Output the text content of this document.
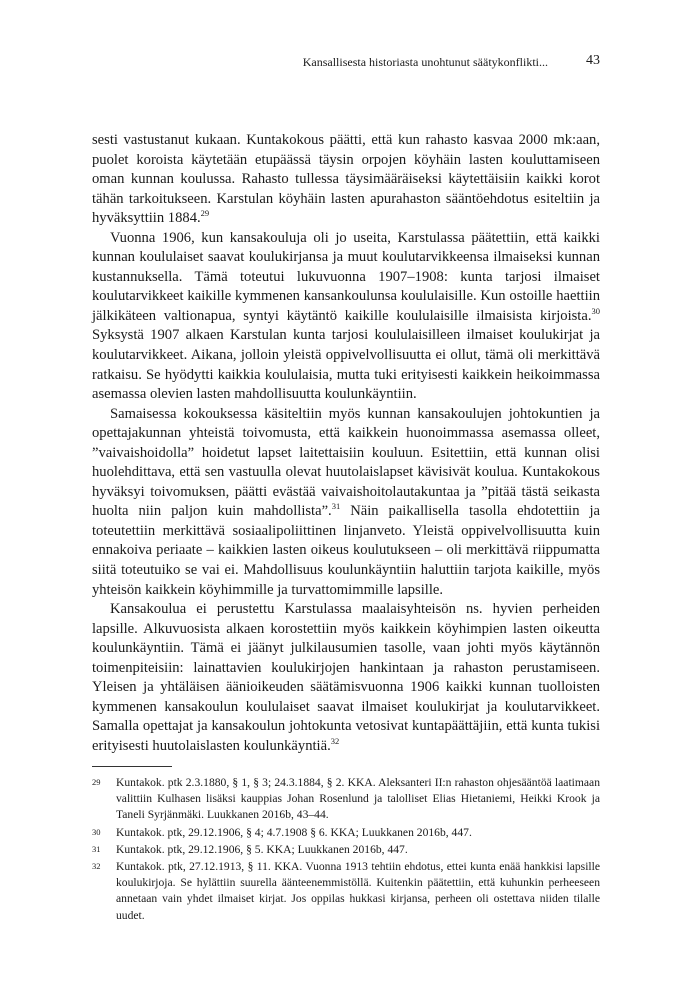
Kansallisesta historiasta unohtunut säätykonflikti...	43

sesti vastustanut kukaan. Kuntakokous päätti, että kun rahasto kasvaa 2000 mk:aan, puolet koroista käytetään etupäässä täysin orpojen köyhäin lasten kouluttamiseen oman kunnan koulussa. Rahasto tullessa täysimääräiseksi käytettäisiin kaikki korot tähän tarkoitukseen. Karstulan köyhäin lasten apurahaston sääntöehdotus esiteltiin ja hyväksyttiin 1884.29

Vuonna 1906, kun kansakouluja oli jo useita, Karstulassa päätettiin, että kaikki kunnan koululaiset saavat koulukirjansa ja muut koulutarvikkeensa ilmaiseksi kunnan kustannuksella. Tämä toteutui lukuvuonna 1907–1908: kunta tarjosi ilmaiset koulutarvikkeet kaikille kymmenen kansankoulunsa koululaisille. Kun ostoille haettiin jälkikäteen valtionapua, syntyi käytäntö kaikille koululaisille ilmaisista kirjoista.$^{30}$ Syksystä 1907 alkaen Karstulan kunta tarjosi koululaisilleen ilmaiset koulukirjat ja koulutarvikkeet. Aikana, jolloin yleistä oppivelvollisuutta ei ollut, tämä oli merkittävä ratkaisu. Se hyödytti kaikkia koululaisia, mutta tuki erityisesti kaikkein heikoimmassa asemassa olevien lasten mahdollisuutta koulunkäyntiin.

Samaisessa kokouksessa käsiteltiin myös kunnan kansakoulujen johtokuntien ja opettajakunnan yhteistä toivomusta, että kaikkein huonoimmassa asemassa olleet, ”vaivaishoidolla” hoidetut lapset laitettaisiin kouluun. Esitettiin, että kunnan olisi huolehdittava, että sen vastuulla olevat huutolaislapset kävisivät koulua. Kuntakokous hyväksyi toivomuksen, päätti evästää vaivaishoitolautakuntaa ja ”pitää tästä seikasta huolta niin paljon kuin mahdollista”.$^{31}$ Näin paikallisella tasolla ehdotettiin ja toteutettiin merkittävä sosiaalipoliittinen linjanveto. Yleistä oppivelvollisuutta kuin ennakoiva periaate – kaikkien lasten oikeus koulutukseen – oli merkittävä riippumatta siitä toteutuiko se vai ei. Mahdollisuus koulunkäyntiin haluttiin tarjota kaikille, myös yhteisön kaikkein köyhimmille ja turvattomimmille lapsille.

Kansakoulua ei perustettu Karstulassa maalaisyhteisön ns. hyvien perheiden lapsille. Alkuvuosista alkaen korostettiin myös kaikkein köyhimpien lasten oikeutta koulunkäyntiin. Tämä ei jäänyt julkilausumien tasolle, vaan johti myös käytännön toimenpiteisiin: lainattavien koulukirjojen hankintaan ja rahaston perustamiseen. Yleisen ja yhtäläisen äänioikeuden säätämisvuonna 1906 kaikki kunnan tuolloisten kymmenen kansakoulun koululaiset saavat ilmaiset koulukirjat ja koulutarvikkeet. Samalla opettajat ja kansakoulun johtokunta vetosivat kuntapäättäjiin, että kunta tukisi erityisesti huutolaislasten koulunkäyntiä.$^{32}$

29 Kuntakok. ptk 2.3.1880, § 1, § 3; 24.3.1884, § 2. KKA. Aleksanteri II:n rahaston ohjesääntöä laatimaan valittiin Kulhasen lisäksi kauppias Johan Rosenlund ja talolliset Elias Hietaniemi, Heikki Krook ja Taneli Syrjänmäki. Luukkanen 2016b, 43–44.
30 Kuntakok. ptk, 29.12.1906, § 4; 4.7.1908 § 6. KKA; Luukkanen 2016b, 447.
31 Kuntakok. ptk, 29.12.1906, § 5. KKA; Luukkanen 2016b, 447.
32 Kuntakok. ptk, 27.12.1913, § 11. KKA. Vuonna 1913 tehtiin ehdotus, ettei kunta enää hankkisi lapsille koulukirjoja. Se hylättiin suurella äänteenemmistöllä. Kuitenkin päätettiin, että kuhunkin perheeseen annetaan vain yhdet ilmaiset kirjat. Jos oppilas hukkasi kirjansa, perheen oli ostettava niiden tilalle uudet.
